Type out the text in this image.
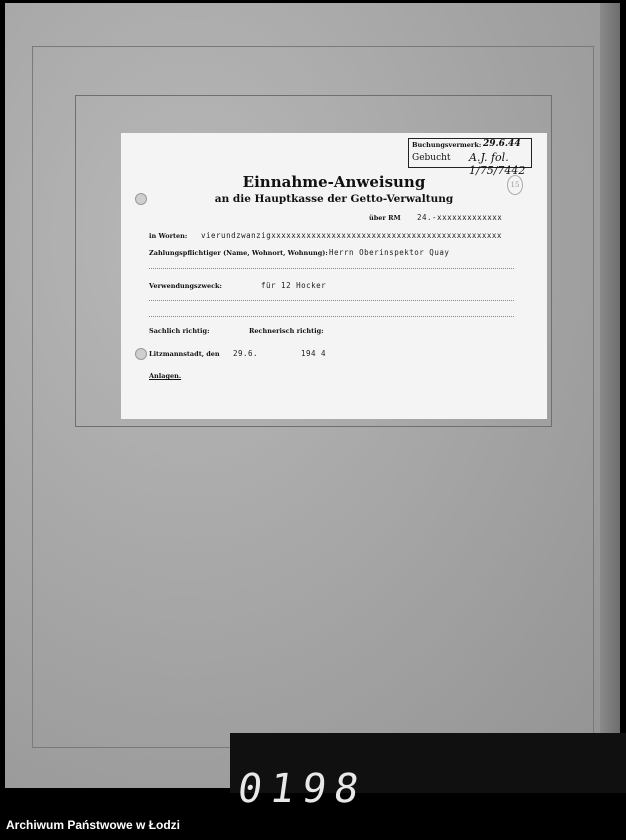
Buchungsvermerk: 29.6.44
Gebucht A.J. fol. 1/75/7442
Einnahme-Anweisung
an die Hauptkasse der Getto-Verwaltung
15
über RM 24.-xxxxxxxxxxxxx
in Worten: vierundzwanzigxxxxxxxxxxxxxxxxxxxxxxxxxxxxxxxxxxxxxxxxxxxxxx
Zahlungspflichtiger (Name, Wohnort, Wohnung): Herrn Oberinspektor Quay
Verwendungszweck:	für 12 Hocker
Sachlich richtig:	Rechnerisch richtig:
Litzmannstadt, den 29.6.	194 4
Anlagen.
0198
Archiwum Państwowe w Łodzi
